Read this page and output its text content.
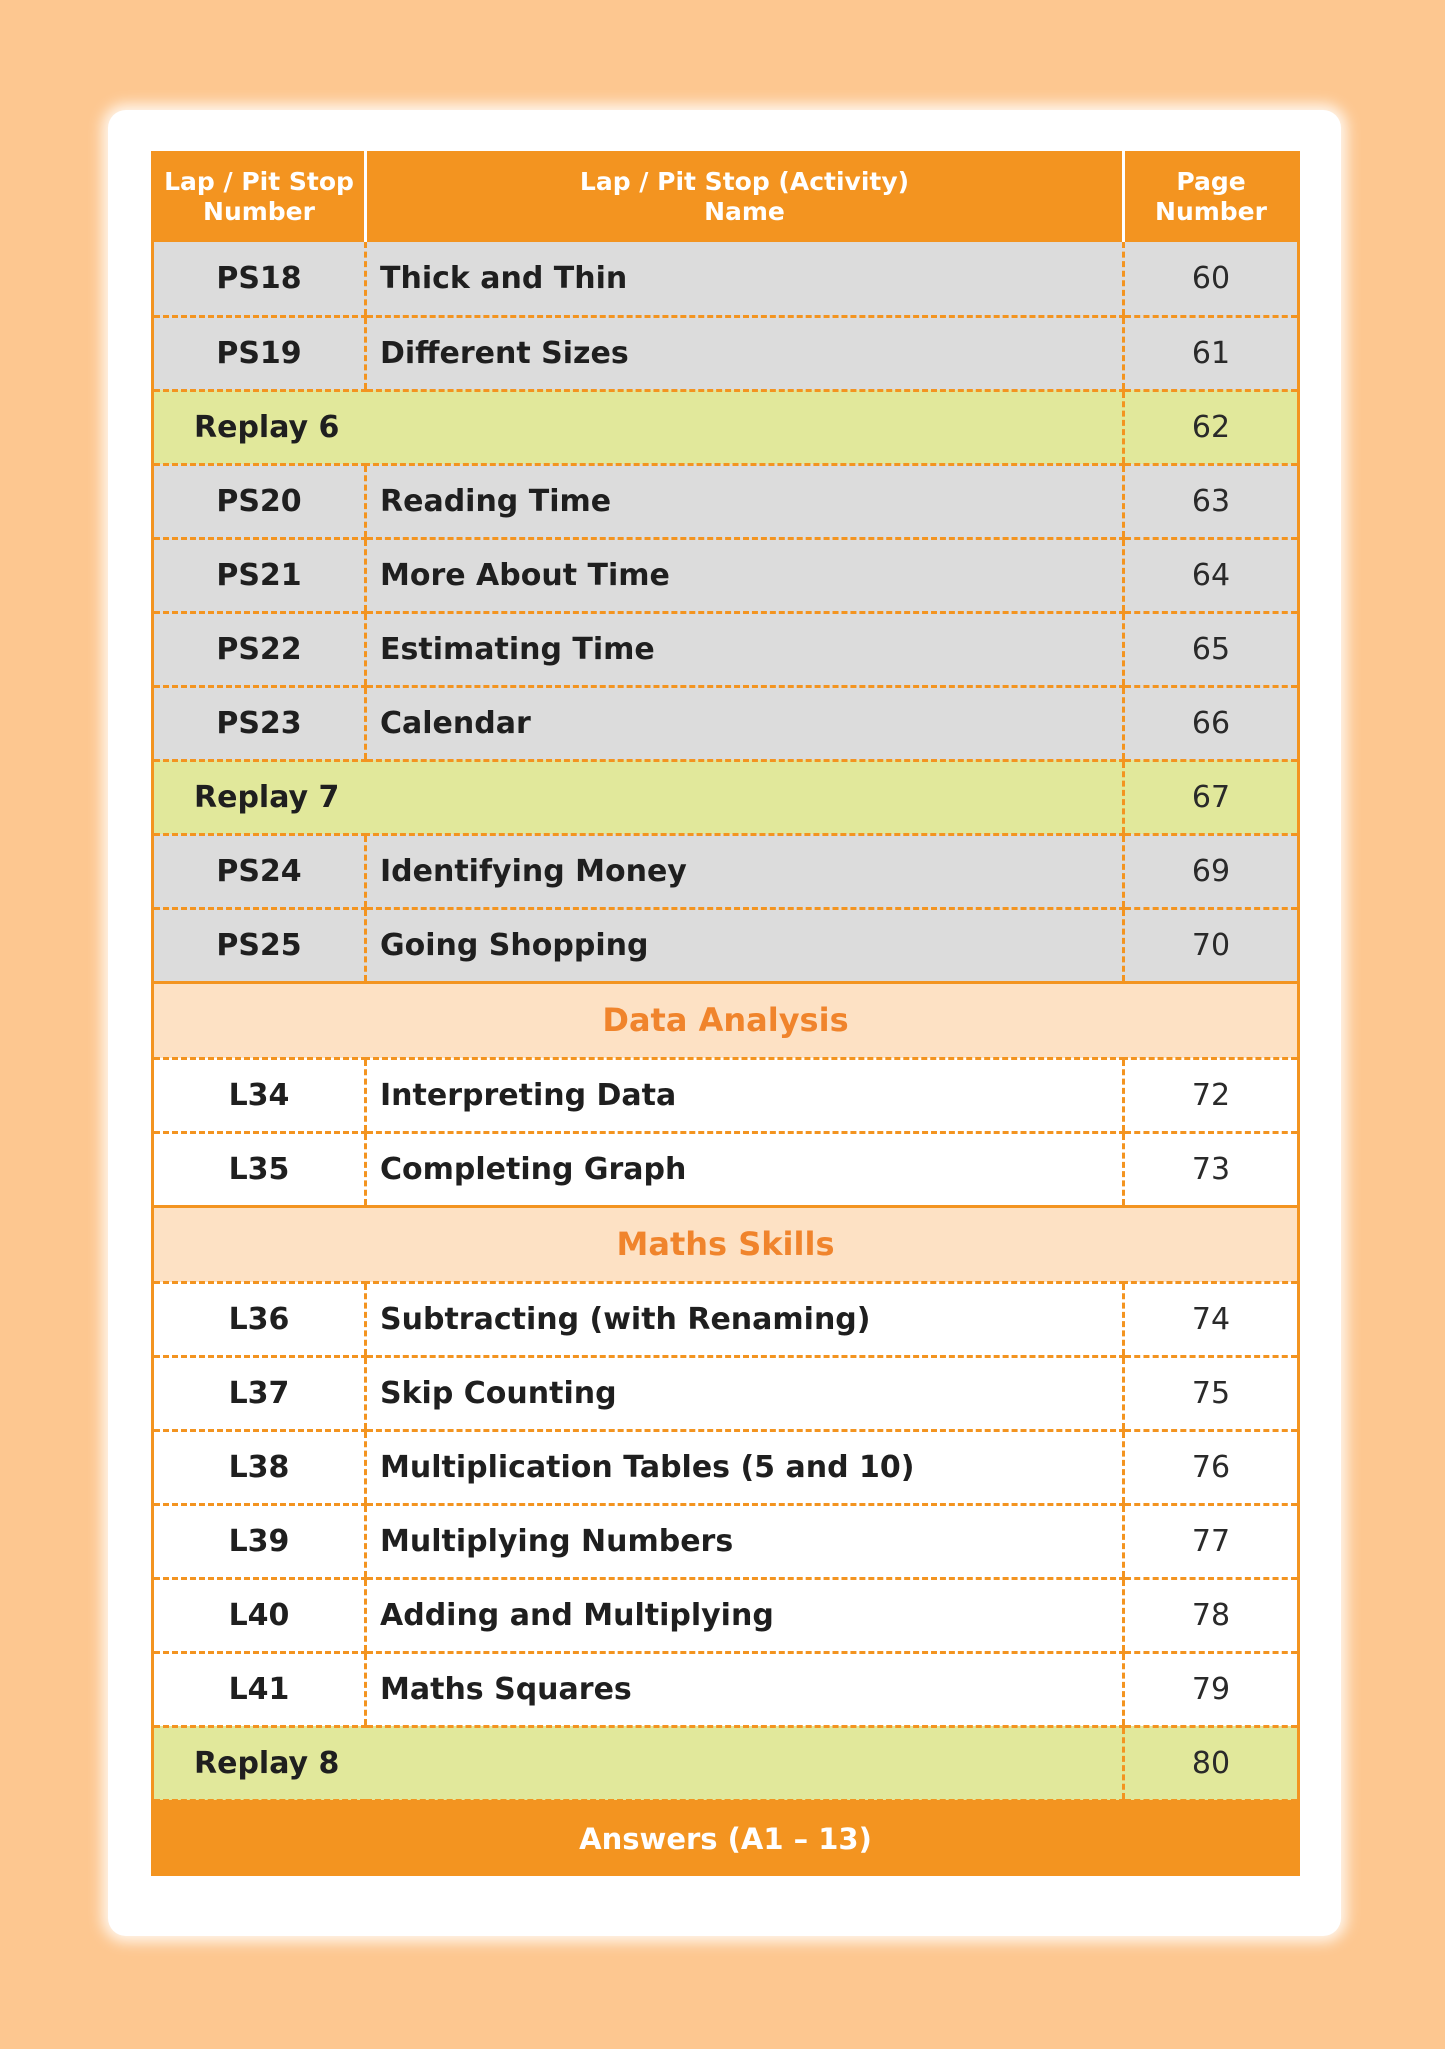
Lap / Pit Stop
Number	Lap / Pit Stop (Activity)
Name	Page
Number
PS18	Thick and Thin	60
PS19	Different Sizes	61
Replay 6		62
PS20	Reading Time	63
PS21	More About Time	64
PS22	Estimating Time	65
PS23	Calendar	66
Replay 7		67
PS24	Identifying Money	69
PS25	Going Shopping	70
Data Analysis		
L34	Interpreting Data	72
L35	Completing Graph	73
Maths Skills		
L36	Subtracting (with Renaming)	74
L37	Skip Counting	75
L38	Multiplication Tables (5 and 10)	76
L39	Multiplying Numbers	77
L40	Adding and Multiplying	78
L41	Maths Squares	79
Replay 8		80
Answers (A1 – 13)		
